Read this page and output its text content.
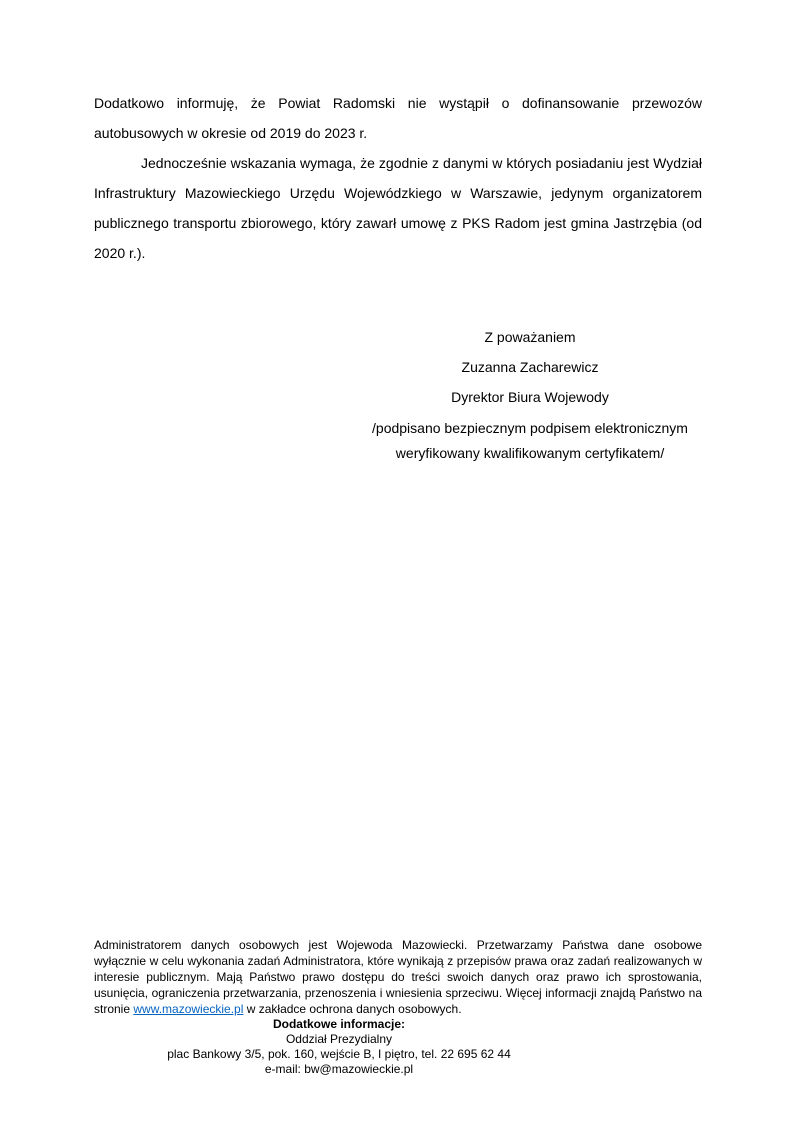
Dodatkowo informuję, że Powiat Radomski nie wystąpił o dofinansowanie przewozów autobusowych w okresie od 2019 do 2023 r.

Jednocześnie wskazania wymaga, że zgodnie z danymi w których posiadaniu jest Wydział Infrastruktury Mazowieckiego Urzędu Wojewódzkiego w Warszawie, jedynym organizatorem publicznego transportu zbiorowego, który zawarł umowę z PKS Radom jest gmina Jastrzębia (od 2020 r.).

Z poważaniem
Zuzanna Zacharewicz
Dyrektor Biura Wojewody
/podpisano bezpiecznym podpisem elektronicznym
weryfikowany kwalifikowanym certyfikatem/
Administratorem danych osobowych jest Wojewoda Mazowiecki. Przetwarzamy Państwa dane osobowe wyłącznie w celu wykonania zadań Administratora, które wynikają z przepisów prawa oraz zadań realizowanych w interesie publicznym. Mają Państwo prawo dostępu do treści swoich danych oraz prawo ich sprostowania, usunięcia, ograniczenia przetwarzania, przenoszenia i wniesienia sprzeciwu. Więcej informacji znajdą Państwo na stronie www.mazowieckie.pl w zakładce ochrona danych osobowych.
Dodatkowe informacje:
Oddział Prezydialny
plac Bankowy 3/5, pok. 160, wejście B, I piętro, tel. 22 695 62 44
e-mail: bw@mazowieckie.pl
